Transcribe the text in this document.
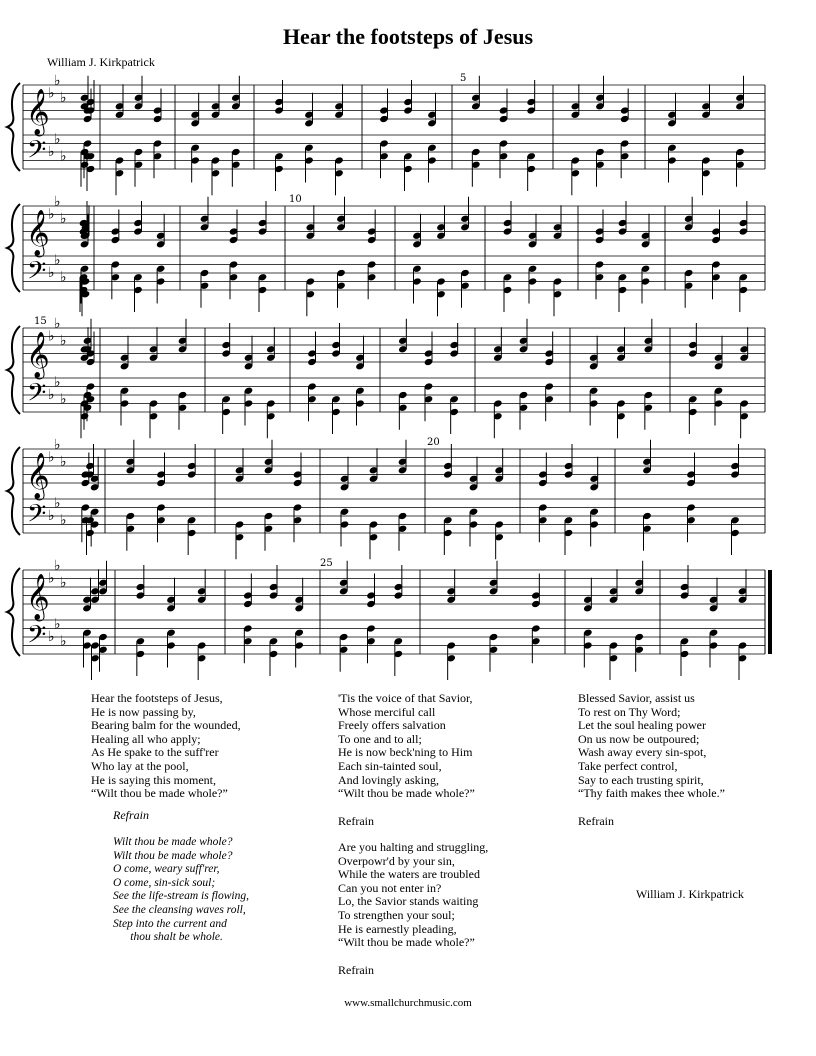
Hear the footsteps of Jesus
William J. Kirkpatrick
𝄞
𝄢
♭
♭
♭
♭
♭
♭
5
𝄞
𝄢
♭
♭
♭
♭
♭
♭
10
𝄞
𝄢
♭
♭
♭
♭
♭
♭
15
𝄞
𝄢
♭
♭
♭
♭
♭
♭
20
𝄞
𝄢
♭
♭
♭
♭
♭
♭
25
Hear the footsteps of Jesus,
He is now passing by,
Bearing balm for the wounded,
Healing all who apply;
As He spake to the suff'rer
Who lay at the pool,
He is saying this moment,
“Wilt thou be made whole?”
Refrain
Wilt thou be made whole?
Wilt thou be made whole?
O come, weary suff'rer,
O come, sin-sick soul;
See the life-stream is flowing,
See the cleansing waves roll,
Step into the current and
thou shalt be whole.
'Tis the voice of that Savior,
Whose merciful call
Freely offers salvation
To one and to all;
He is now beck'ning to Him
Each sin-tainted soul,
And lovingly asking,
“Wilt thou be made whole?”
Refrain
Are you halting and struggling,
Overpowr'd by your sin,
While the waters are troubled
Can you not enter in?
Lo, the Savior stands waiting
To strengthen your soul;
He is earnestly pleading,
“Wilt thou be made whole?”
Refrain
Blessed Savior, assist us
To rest on Thy Word;
Let the soul healing power
On us now be outpoured;
Wash away every sin-spot,
Take perfect control,
Say to each trusting spirit,
“Thy faith makes thee whole.”
Refrain
William J. Kirkpatrick
www.smallchurchmusic.com
